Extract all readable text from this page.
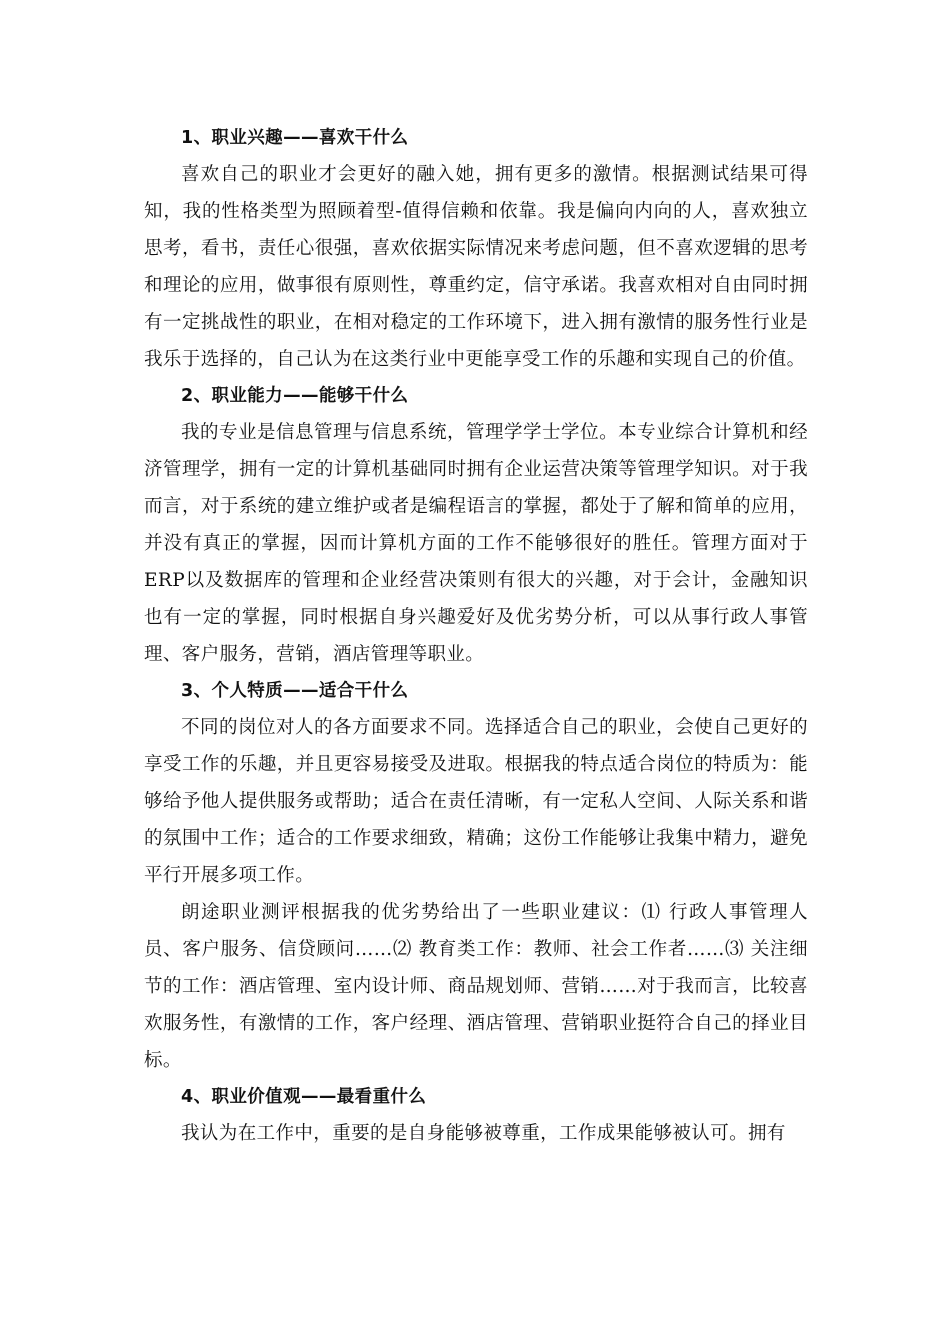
1、职业兴趣——喜欢干什么

喜欢自己的职业才会更好的融入她，拥有更多的激情。根据测试结果可得知，我的性格类型为照顾着型-值得信赖和依靠。我是偏向内向的人，喜欢独立思考，看书，责任心很强，喜欢依据实际情况来考虑问题，但不喜欢逻辑的思考和理论的应用，做事很有原则性，尊重约定，信守承诺。我喜欢相对自由同时拥有一定挑战性的职业，在相对稳定的工作环境下，进入拥有激情的服务性行业是我乐于选择的，自己认为在这类行业中更能享受工作的乐趣和实现自己的价值。

2、职业能力——能够干什么

我的专业是信息管理与信息系统，管理学学士学位。本专业综合计算机和经济管理学，拥有一定的计算机基础同时拥有企业运营决策等管理学知识。对于我而言，对于系统的建立维护或者是编程语言的掌握，都处于了解和简单的应用，并没有真正的掌握，因而计算机方面的工作不能够很好的胜任。管理方面对于ERP以及数据库的管理和企业经营决策则有很大的兴趣，对于会计，金融知识也有一定的掌握，同时根据自身兴趣爱好及优劣势分析，可以从事行政人事管理、客户服务，营销，酒店管理等职业。

3、个人特质——适合干什么

不同的岗位对人的各方面要求不同。选择适合自己的职业，会使自己更好的享受工作的乐趣，并且更容易接受及进取。根据我的特点适合岗位的特质为：能够给予他人提供服务或帮助；适合在责任清晰，有一定私人空间、人际关系和谐的氛围中工作；适合的工作要求细致，精确；这份工作能够让我集中精力，避免平行开展多项工作。

朗途职业测评根据我的优劣势给出了一些职业建议：⑴ 行政人事管理人员、客户服务、信贷顾问……⑵ 教育类工作：教师、社会工作者……⑶ 关注细节的工作：酒店管理、室内设计师、商品规划师、营销……对于我而言，比较喜欢服务性，有激情的工作，客户经理、酒店管理、营销职业挺符合自己的择业目标。

4、职业价值观——最看重什么

我认为在工作中，重要的是自身能够被尊重，工作成果能够被认可。拥有
